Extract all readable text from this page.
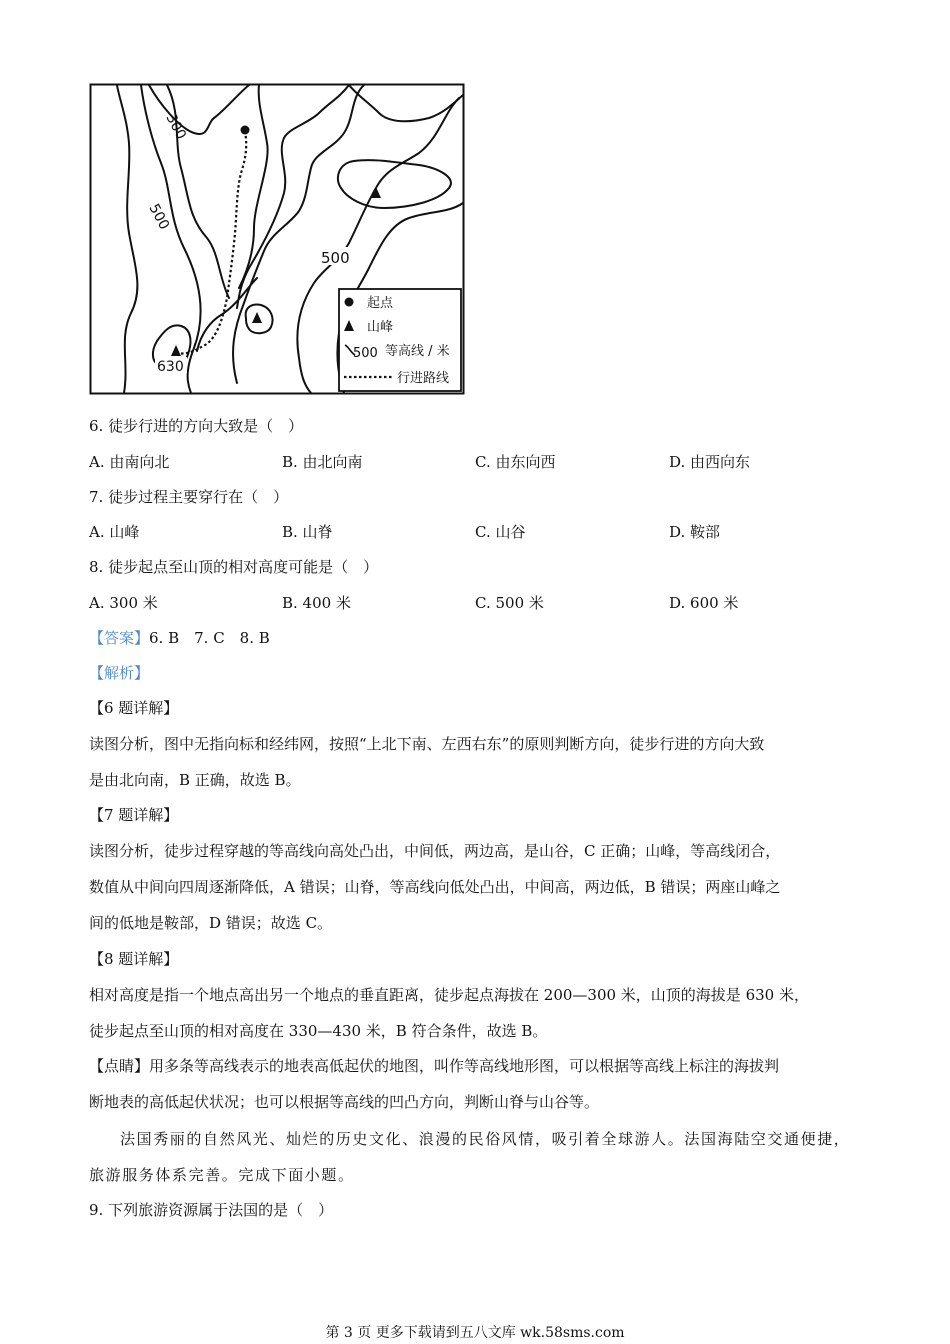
300
500
500
630
起点
山峰
500 等高线 / 米
行进路线
6. 徒步行进的方向大致是（　）
A. 由南向北	B. 由北向南	C. 由东向西	D. 由西向东
7. 徒步过程主要穿行在（　）
A. 山峰	B. 山脊	C. 山谷	D. 鞍部
8. 徒步起点至山顶的相对高度可能是（　）
A. 300 米	B. 400 米	C. 500 米	D. 600 米
【答案】6. B　7. C　8. B
【解析】
【6 题详解】
读图分析，图中无指向标和经纬网，按照“上北下南、左西右东”的原则判断方向，徒步行进的方向大致
是由北向南，B 正确，故选 B。
【7 题详解】
读图分析，徒步过程穿越的等高线向高处凸出，中间低，两边高，是山谷，C 正确；山峰，等高线闭合，
数值从中间向四周逐渐降低，A 错误；山脊，等高线向低处凸出，中间高，两边低，B 错误；两座山峰之
间的低地是鞍部，D 错误；故选 C。
【8 题详解】
相对高度是指一个地点高出另一个地点的垂直距离，徒步起点海拔在 200—300 米，山顶的海拔是 630 米，
徒步起点至山顶的相对高度在 330—430 米，B 符合条件，故选 B。
【点睛】用多条等高线表示的地表高低起伏的地图，叫作等高线地形图，可以根据等高线上标注的海拔判
断地表的高低起伏状况；也可以根据等高线的凹凸方向，判断山脊与山谷等。
法国秀丽的自然风光、灿烂的历史文化、浪漫的民俗风情，吸引着全球游人。法国海陆空交通便捷，
旅游服务体系完善。完成下面小题。
9. 下列旅游资源属于法国的是（　）
第 3 页 更多下载请到五八文库 wk.58sms.com
